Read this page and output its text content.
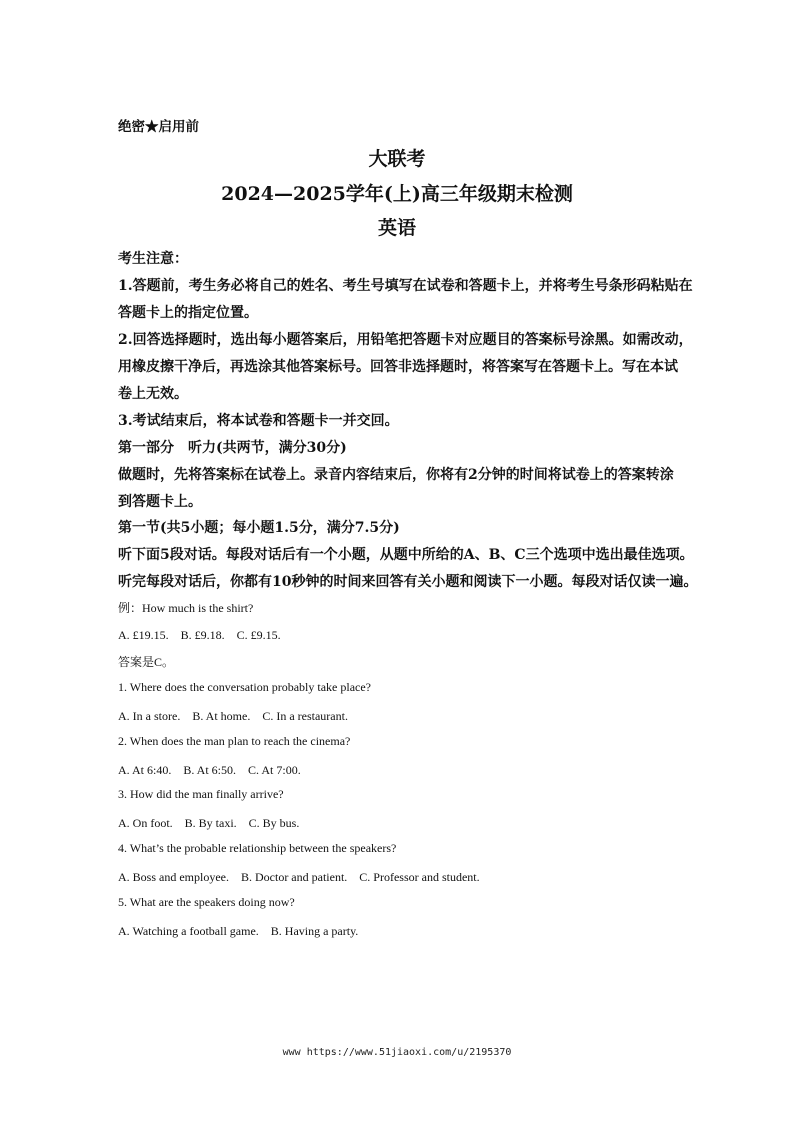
绝密★启用前
大联考
2024—2025学年(上)高三年级期末检测
英语
考生注意：
1.答题前，考生务必将自己的姓名、考生号填写在试卷和答题卡上，并将考生号条形码粘贴在
答题卡上的指定位置。
2.回答选择题时，选出每小题答案后，用铅笔把答题卡对应题目的答案标号涂黑。如需改动，
用橡皮擦干净后，再选涂其他答案标号。回答非选择题时，将答案写在答题卡上。写在本试
卷上无效。
3.考试结束后，将本试卷和答题卡一并交回。
第一部分　听力(共两节，满分30分)
做题时，先将答案标在试卷上。录音内容结束后，你将有2分钟的时间将试卷上的答案转涂
到答题卡上。
第一节(共5小题；每小题1.5分，满分7.5分)
听下面5段对话。每段对话后有一个小题，从题中所给的A、B、C三个选项中选出最佳选项。
听完每段对话后，你都有10秒钟的时间来回答有关小题和阅读下一小题。每段对话仅读一遍。
例：How much is the shirt?
A. £19.15.　B. £9.18.　C. £9.15.
答案是C。
1. Where does the conversation probably take place?
A. In a store.　B. At home.　C. In a restaurant.
2. When does the man plan to reach the cinema?
A. At 6:40.　B. At 6:50.　C. At 7:00.
3. How did the man finally arrive?
A. On foot.　B. By taxi.　C. By bus.
4. What’s the probable relationship between the speakers?
A. Boss and employee.　B. Doctor and patient.　C. Professor and student.
5. What are the speakers doing now?
A. Watching a football game.　B. Having a party.
www https://www.51jiaoxi.com/u/2195370
